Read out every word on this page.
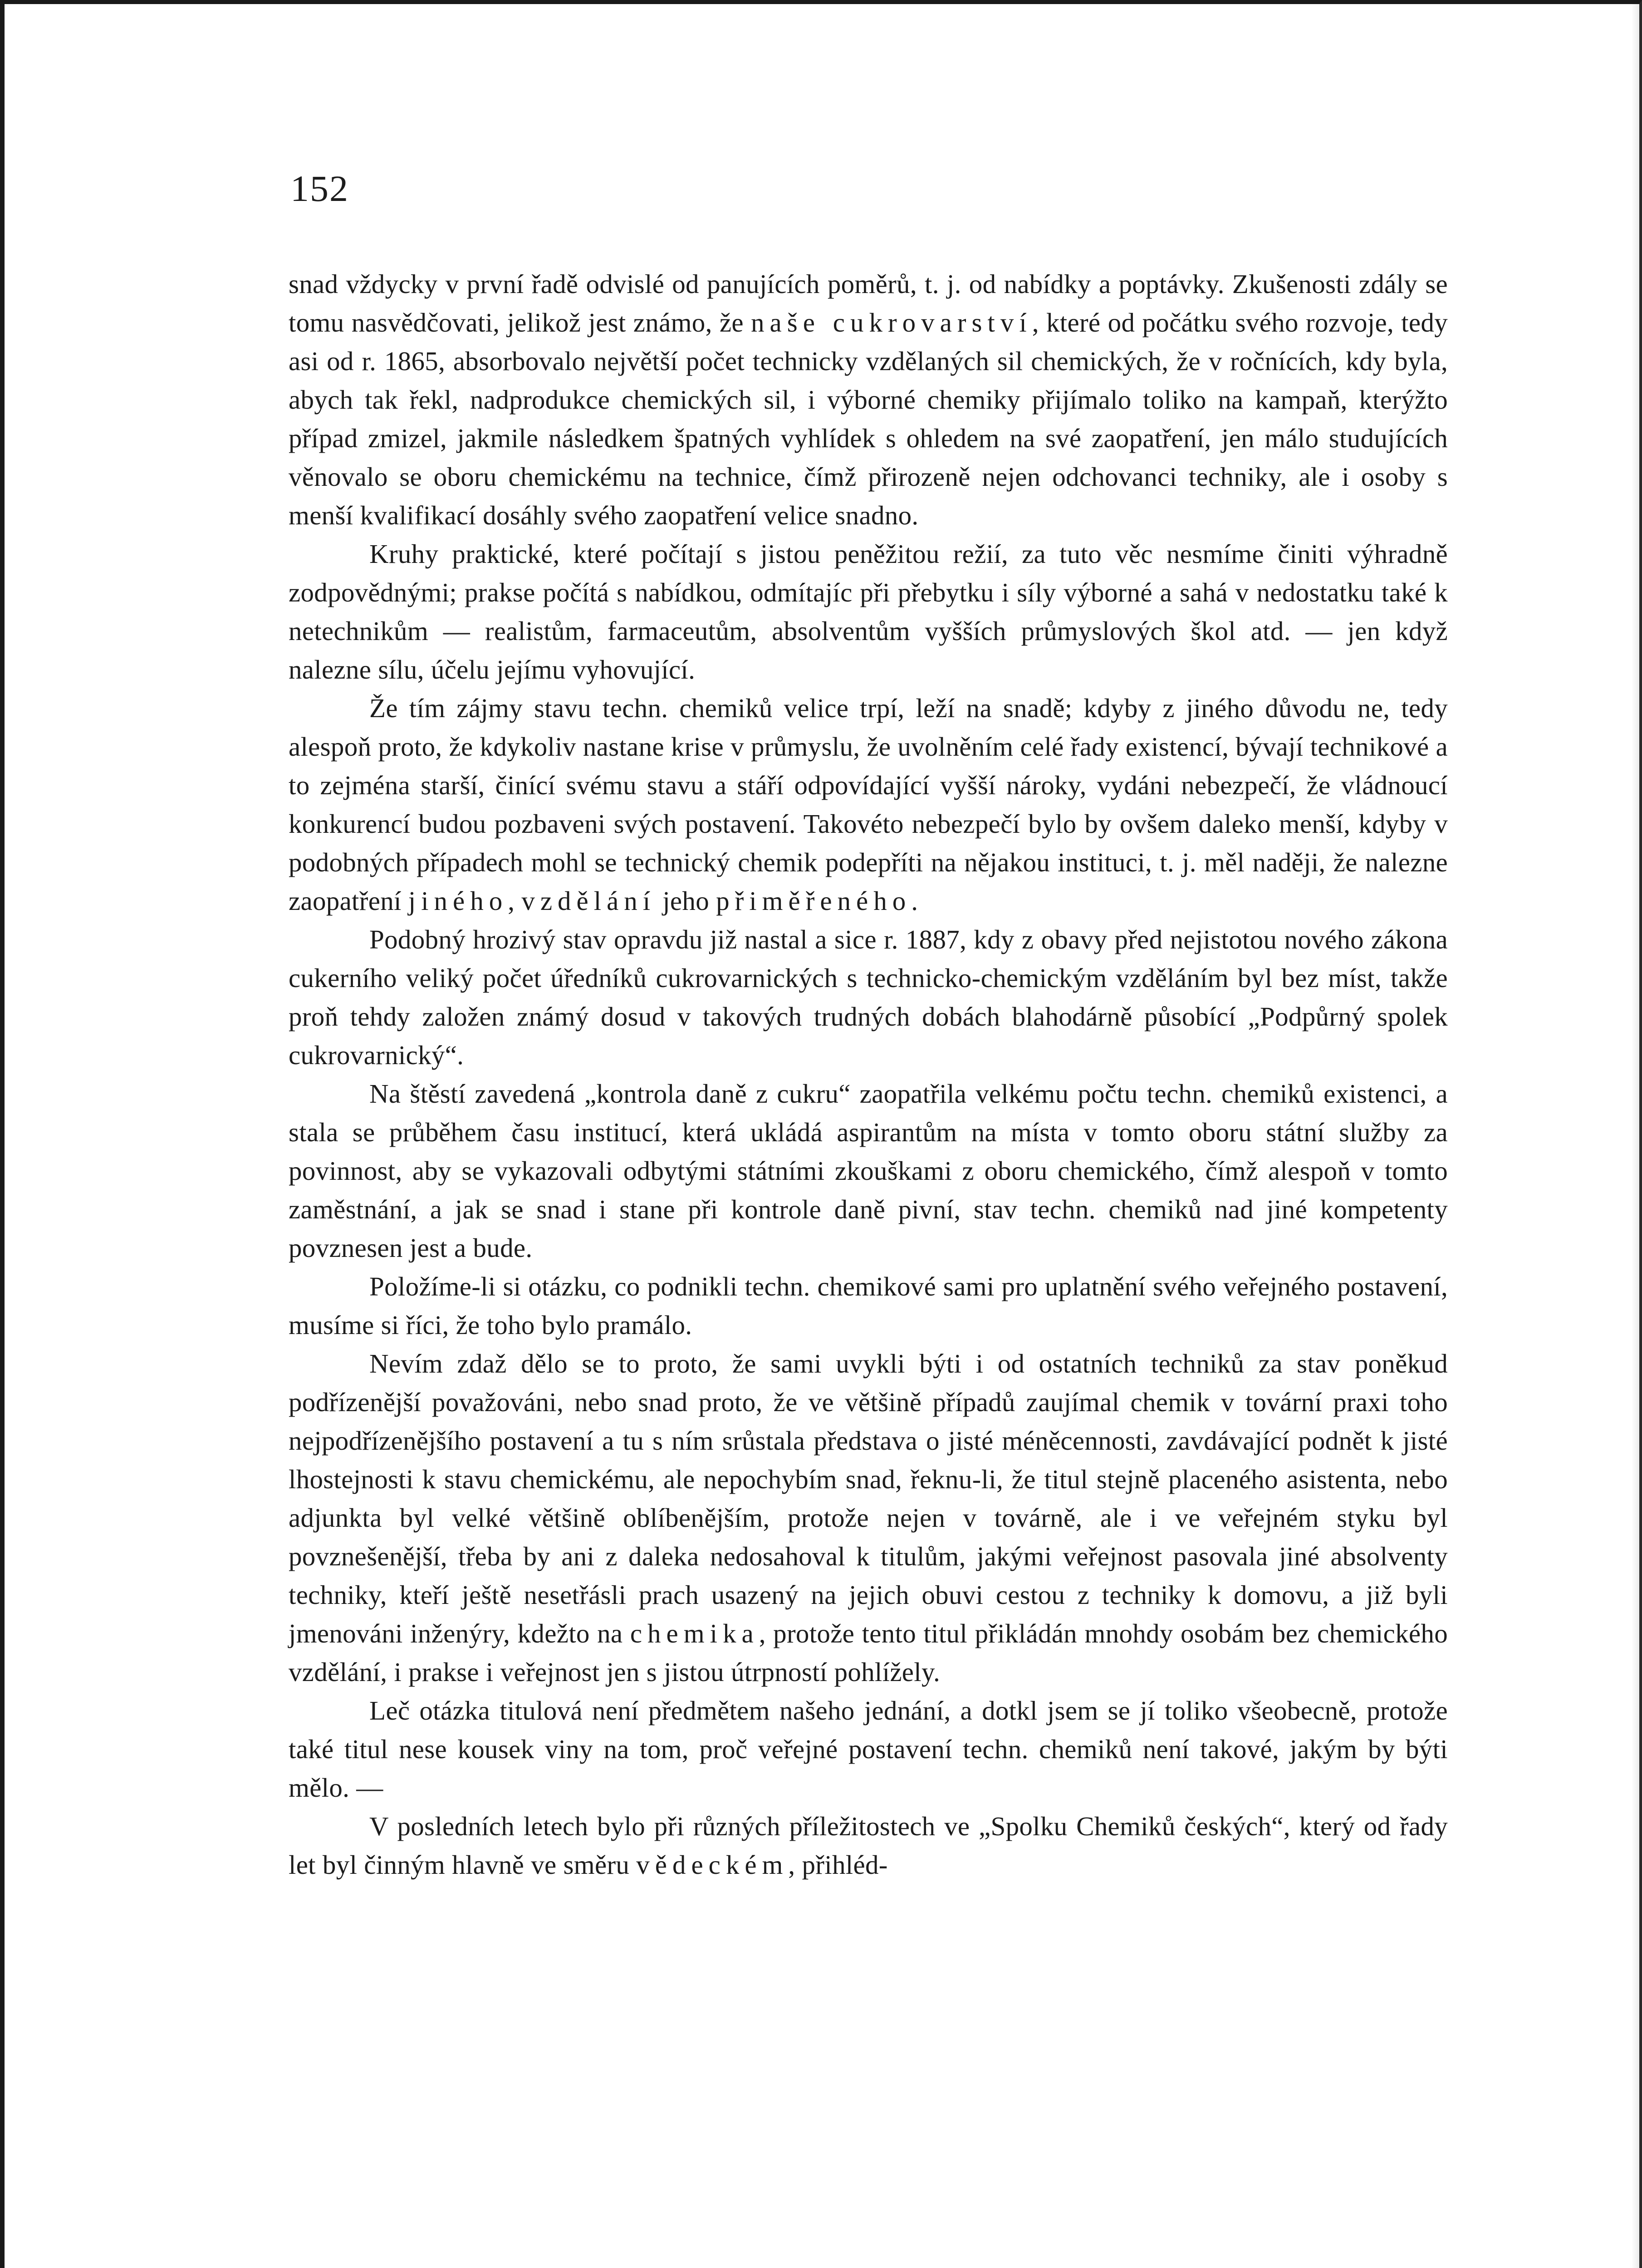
152

snad vždycky v první řadě odvislé od panujících poměrů, t. j. od nabídky a poptávky. Zkušenosti zdály se tomu nasvědčovati, jelikož jest známo, že naše cukrovarství, které od počátku svého rozvoje, tedy asi od r. 1865, absorbovalo největší počet technicky vzdělaných sil chemických, že v ročnících, kdy byla, abych tak řekl, nadprodukce chemických sil, i výborné chemiky přijímalo toliko na kampaň, kterýžto případ zmizel, jakmile následkem špatných vyhlídek s ohledem na své zaopatření, jen málo studujících věnovalo se oboru chemickému na technice, čímž přirozeně nejen odchovanci techniky, ale i osoby s menší kvalifikací dosáhly svého zaopatření velice snadno.

Kruhy praktické, které počítají s jistou peněžitou režií, za tuto věc nesmíme činiti výhradně zodpovědnými; prakse počítá s nabídkou, odmítajíc při přebytku i síly výborné a sahá v nedostatku také k netechnikům — realistům, farmaceutům, absolventům vyšších průmyslových škol atd. — jen když nalezne sílu, účelu jejímu vyhovující.

Že tím zájmy stavu techn. chemiků velice trpí, leží na snadě; kdyby z jiného důvodu ne, tedy alespoň proto, že kdykoliv nastane krise v průmyslu, že uvolněním celé řady existencí, bývají technikové a to zejména starší, činící svému stavu a stáří odpovídající vyšší nároky, vydáni nebezpečí, že vládnoucí konkurencí budou pozbaveni svých postavení. Takovéto nebezpečí bylo by ovšem daleko menší, kdyby v podobných případech mohl se technický chemik podepříti na nějakou instituci, t. j. měl naději, že nalezne zaopatření jiného, vzdělání jeho přiměřeného.

Podobný hrozivý stav opravdu již nastal a sice r. 1887, kdy z obavy před nejistotou nového zákona cukerního veliký počet úředníků cukrovarnických s technicko-chemickým vzděláním byl bez míst, takže proň tehdy založen známý dosud v takových trudných dobách blahodárně působící „Podpůrný spolek cukrovarnický“.

Na štěstí zavedená „kontrola daně z cukru“ zaopatřila velkému počtu techn. chemiků existenci, a stala se průběhem času institucí, která ukládá aspirantům na místa v tomto oboru státní služby za povinnost, aby se vykazovali odbytými státními zkouškami z oboru chemického, čímž alespoň v tomto zaměstnání, a jak se snad i stane při kontrole daně pivní, stav techn. chemiků nad jiné kompetenty povznesen jest a bude.

Položíme-li si otázku, co podnikli techn. chemikové sami pro uplatnění svého veřejného postavení, musíme si říci, že toho bylo pramálo.

Nevím zdaž dělo se to proto, že sami uvykli býti i od ostatních techniků za stav poněkud podřízenější považováni, nebo snad proto, že ve většině případů zaujímal chemik v tovární praxi toho nejpodřízenějšího postavení a tu s ním srůstala představa o jisté méněcennosti, zavdávající podnět k jisté lhostejnosti k stavu chemickému, ale nepochybím snad, řeknu-li, že titul stejně placeného asistenta, nebo adjunkta byl velké většině oblíbenějším, protože nejen v továrně, ale i ve veřejném styku byl povznešenější, třeba by ani z daleka nedosahoval k titulům, jakými veřejnost pasovala jiné absolventy techniky, kteří ještě nesetřásli prach usazený na jejich obuvi cestou z techniky k domovu, a již byli jmenováni inženýry, kdežto na chemika, protože tento titul přikládán mnohdy osobám bez chemického vzdělání, i prakse i veřejnost jen s jistou útrpností pohlížely.

Leč otázka titulová není předmětem našeho jednání, a dotkl jsem se jí toliko všeobecně, protože také titul nese kousek viny na tom, proč veřejné postavení techn. chemiků není takové, jakým by býti mělo. —

V posledních letech bylo při různých příležitostech ve „Spolku Chemiků českých“, který od řady let byl činným hlavně ve směru vědeckém, přihléd-
